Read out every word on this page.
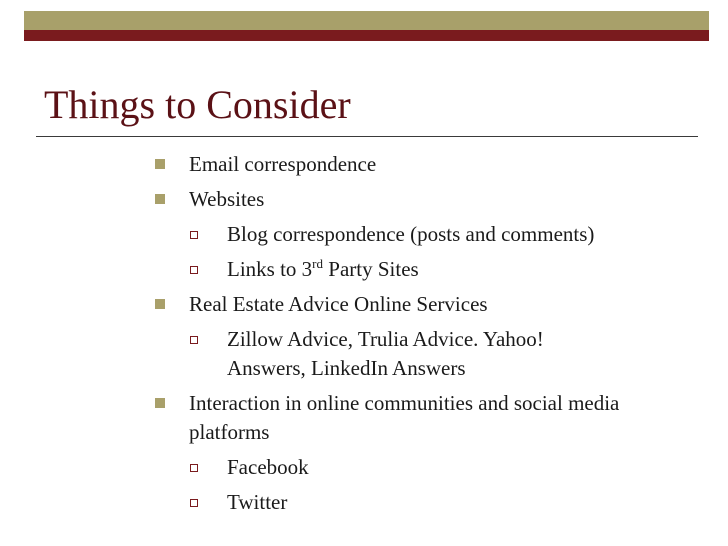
Things to Consider
Email correspondence
Websites
Blog correspondence (posts and comments)
Links to 3rd Party Sites
Real Estate Advice Online Services
Zillow Advice, Trulia Advice. Yahoo! Answers, LinkedIn Answers
Interaction in online communities and social media platforms
Facebook
Twitter
